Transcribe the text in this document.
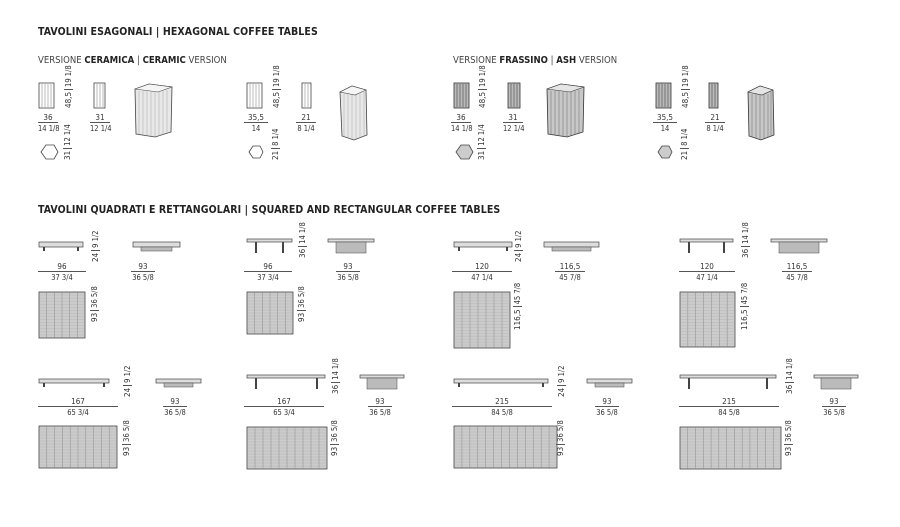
TAVOLINI ESAGONALI | HEXAGONAL COFFEE TABLES
TAVOLINI QUADRATI E RETTANGOLARI | SQUARED AND RECTANGULAR COFFEE TABLES
VERSIONE CERAMICA | CERAMIC VERSION	VERSIONE FRASSINO | ASH VERSION
36
14 1/8
48,519 1/8
31
12 1/4
3112 1/4
35,5
14
48,519 1/8
21
8 1/4
218 1/4
36
14 1/8
48,519 1/8
31
12 1/4
3112 1/4
35,5
14
48,519 1/8
21
8 1/4
218 1/4
96
37 3/4
249 1/2
93
36 5/8
9336 5/8
96
37 3/4
3614 1/8
93
36 5/8
9336 5/8
120
47 1/4
249 1/2
116,5
45 7/8
116,545 7/8
120
47 1/4
3614 1/8
116,5
45 7/8
116,545 7/8
167
65 3/4
249 1/2
93
36 5/8
9336 5/8
167
65 3/4
3614 1/8
93
36 5/8
9336 5/8
215
84 5/8
249 1/2
93
36 5/8
9336 5/8
215
84 5/8
3614 1/8
93
36 5/8
9336 5/8
